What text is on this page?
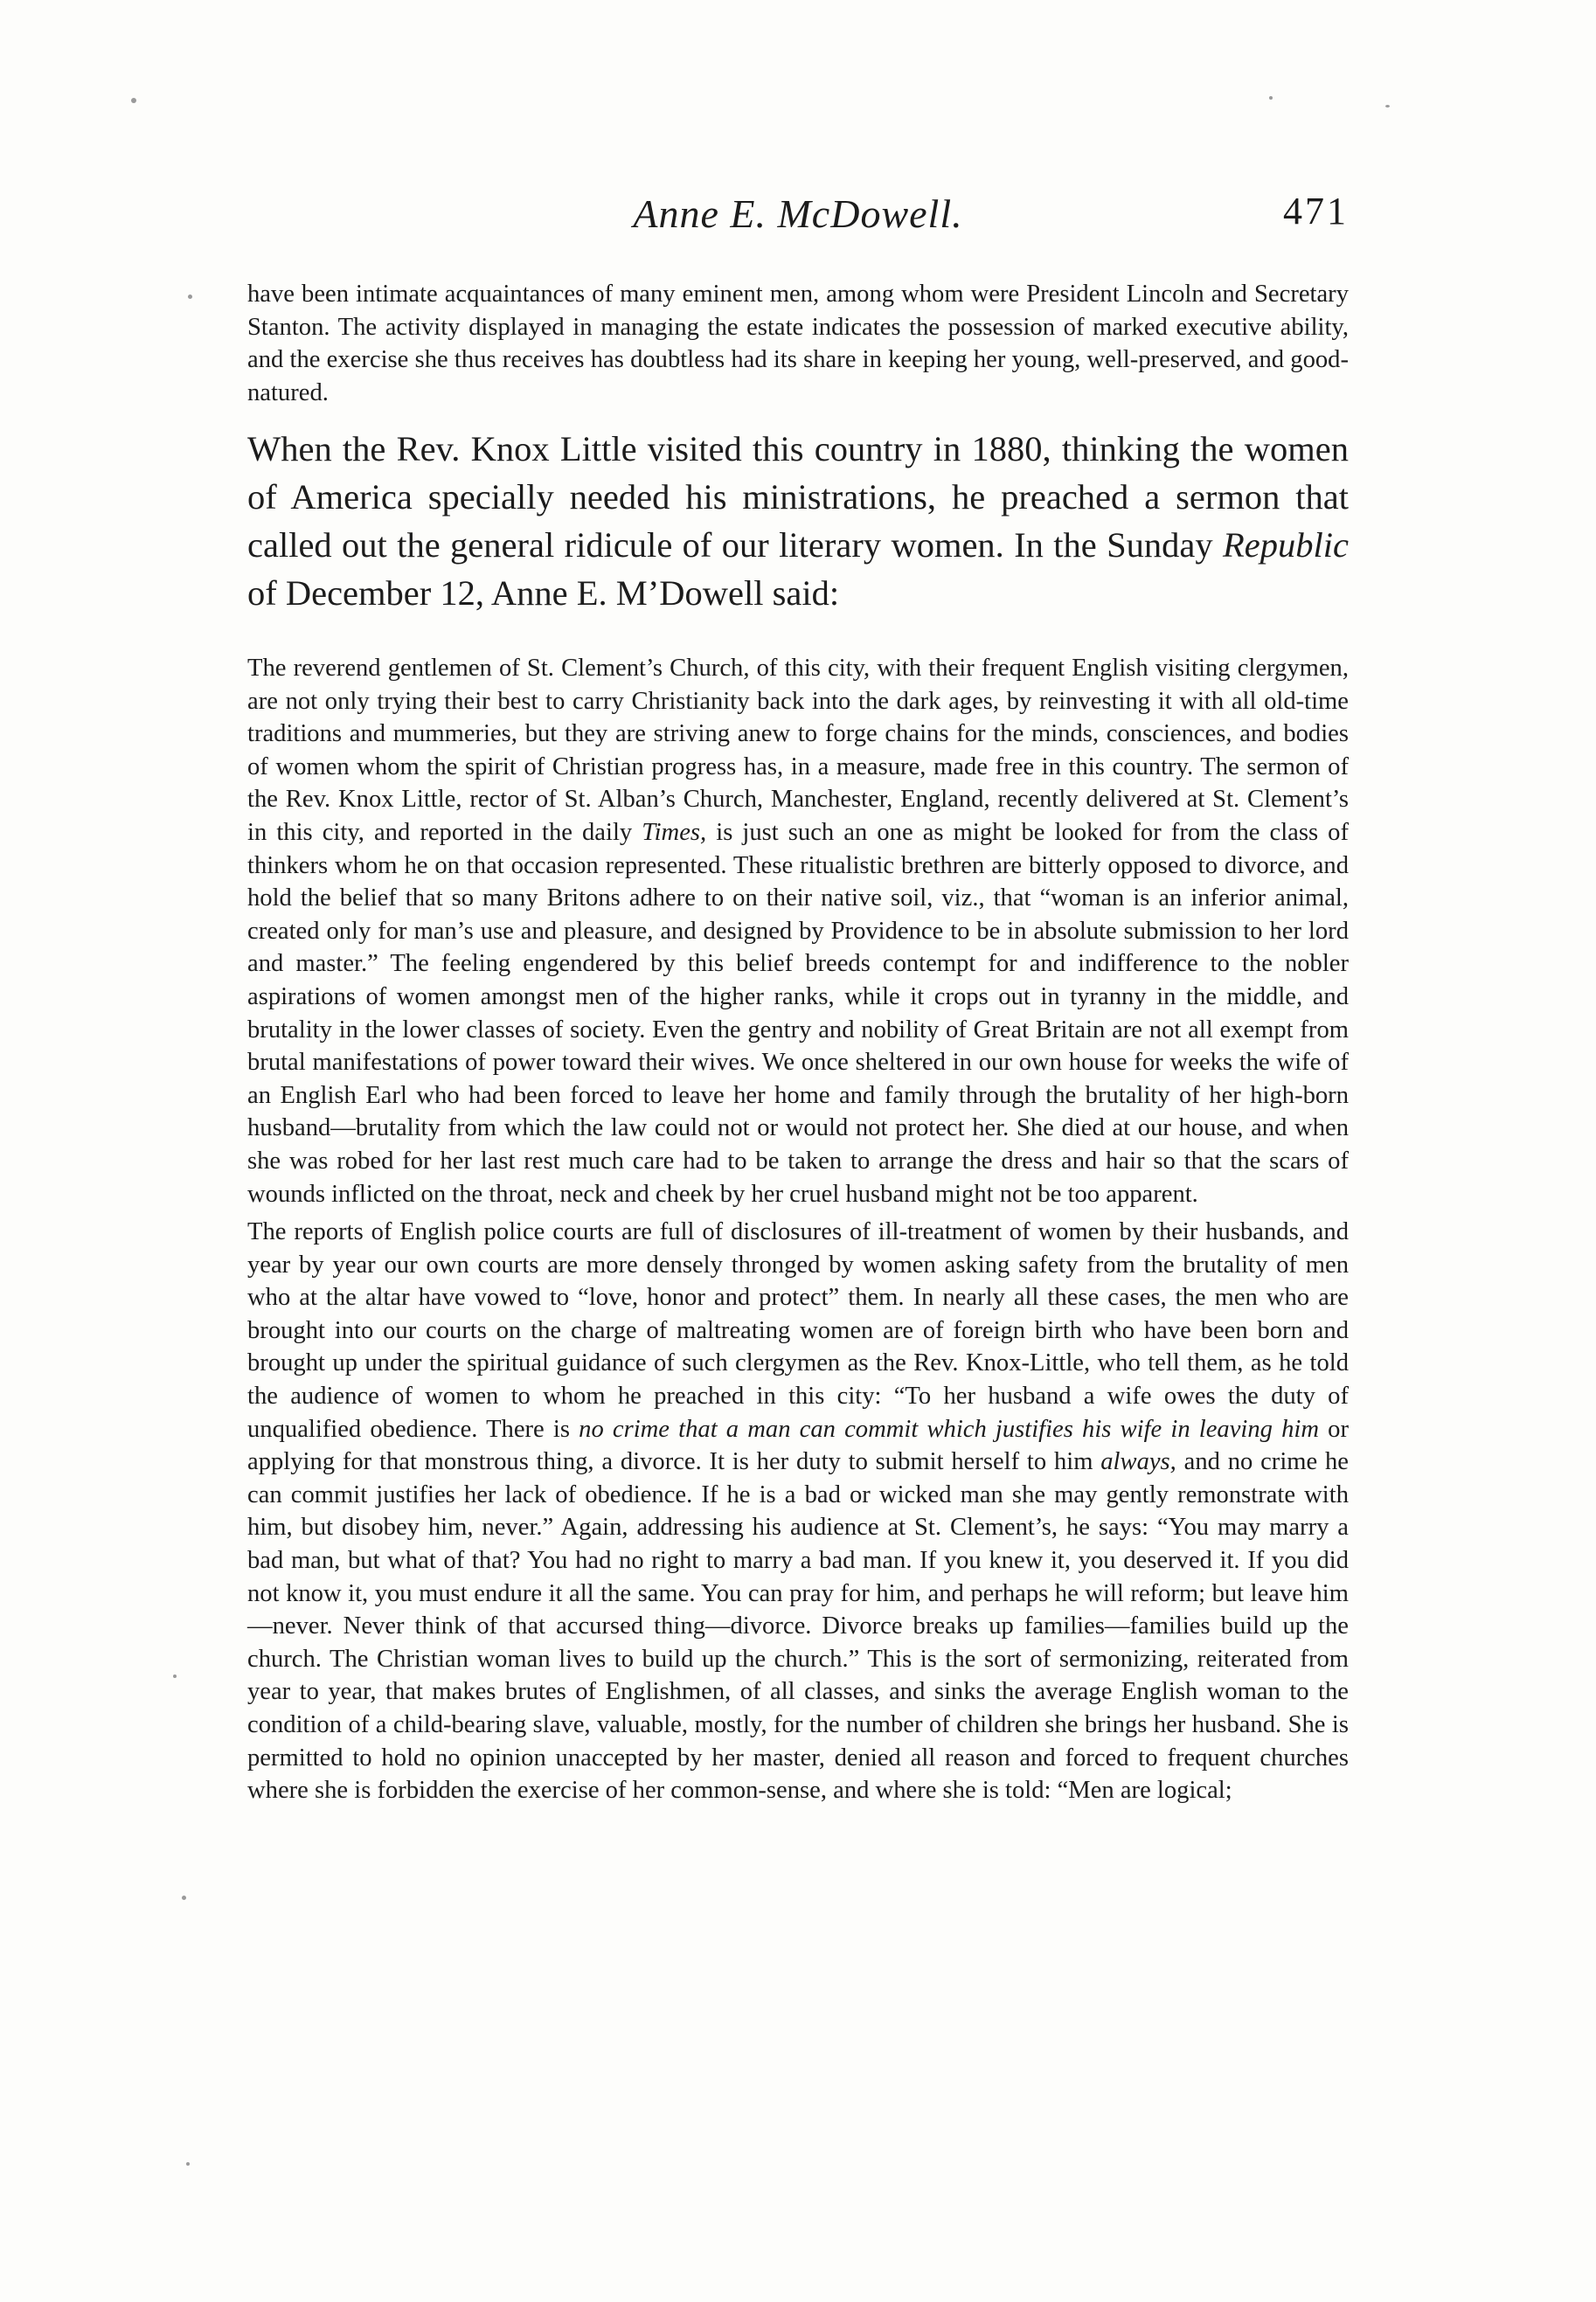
Anne E. McDowell.	471

have been intimate acquaintances of many eminent men, among whom were President Lincoln and Secretary Stanton. The activity displayed in managing the estate indicates the possession of marked executive ability, and the exercise she thus receives has doubtless had its share in keeping her young, well-preserved, and good-natured.

When the Rev. Knox Little visited this country in 1880, thinking the women of America specially needed his ministrations, he preached a sermon that called out the general ridicule of our literary women. In the Sunday Republic of December 12, Anne E. M’Dowell said:

The reverend gentlemen of St. Clement’s Church, of this city, with their frequent English visiting clergymen, are not only trying their best to carry Christianity back into the dark ages, by reinvesting it with all old-time traditions and mummeries, but they are striving anew to forge chains for the minds, consciences, and bodies of women whom the spirit of Christian progress has, in a measure, made free in this country. The sermon of the Rev. Knox Little, rector of St. Alban’s Church, Manchester, England, recently delivered at St. Clement’s in this city, and reported in the daily Times, is just such an one as might be looked for from the class of thinkers whom he on that occasion represented. These ritualistic brethren are bitterly opposed to divorce, and hold the belief that so many Britons adhere to on their native soil, viz., that “woman is an inferior animal, created only for man’s use and pleasure, and designed by Providence to be in absolute submission to her lord and master.” The feeling engendered by this belief breeds contempt for and indifference to the nobler aspirations of women amongst men of the higher ranks, while it crops out in tyranny in the middle, and brutality in the lower classes of society. Even the gentry and nobility of Great Britain are not all exempt from brutal manifestations of power toward their wives. We once sheltered in our own house for weeks the wife of an English Earl who had been forced to leave her home and family through the brutality of her high-born husband—brutality from which the law could not or would not protect her. She died at our house, and when she was robed for her last rest much care had to be taken to arrange the dress and hair so that the scars of wounds inflicted on the throat, neck and cheek by her cruel husband might not be too apparent.

The reports of English police courts are full of disclosures of ill-treatment of women by their husbands, and year by year our own courts are more densely thronged by women asking safety from the brutality of men who at the altar have vowed to “love, honor and protect” them. In nearly all these cases, the men who are brought into our courts on the charge of maltreating women are of foreign birth who have been born and brought up under the spiritual guidance of such clergymen as the Rev. Knox-Little, who tell them, as he told the audience of women to whom he preached in this city: “To her husband a wife owes the duty of unqualified obedience. There is no crime that a man can commit which justifies his wife in leaving him or applying for that monstrous thing, a divorce. It is her duty to submit herself to him always, and no crime he can commit justifies her lack of obedience. If he is a bad or wicked man she may gently remonstrate with him, but disobey him, never.” Again, addressing his audience at St. Clement’s, he says: “You may marry a bad man, but what of that? You had no right to marry a bad man. If you knew it, you deserved it. If you did not know it, you must endure it all the same. You can pray for him, and perhaps he will reform; but leave him—never. Never think of that accursed thing—divorce. Divorce breaks up families—families build up the church. The Christian woman lives to build up the church.” This is the sort of sermonizing, reiterated from year to year, that makes brutes of Englishmen, of all classes, and sinks the average English woman to the condition of a child-bearing slave, valuable, mostly, for the number of children she brings her husband. She is permitted to hold no opinion unaccepted by her master, denied all reason and forced to frequent churches where she is forbidden the exercise of her common-sense, and where she is told: “Men are logical;
